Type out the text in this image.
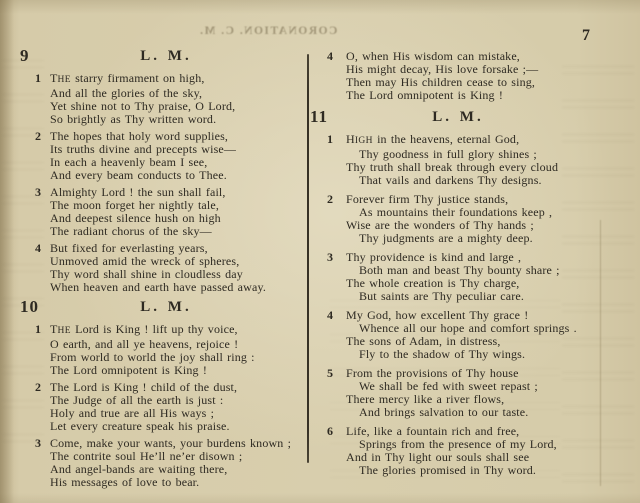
CORONATION. C. M.	7
9	L. M.
1 THE starry firmament on high,
And all the glories of the sky,
Yet shine not to Thy praise, O Lord,
So brightly as Thy written word.
2 The hopes that holy word supplies,
Its truths divine and precepts wise—
In each a heavenly beam I see,
And every beam conducts to Thee.
3 Almighty Lord ! the sun shall fail,
The moon forget her nightly tale,
And deepest silence hush on high
The radiant chorus of the sky—
4 But fixed for everlasting years,
Unmoved amid the wreck of spheres,
Thy word shall shine in cloudless day
When heaven and earth have passed away.
10	L. M.
1 THE Lord is King ! lift up thy voice,
O earth, and all ye heavens, rejoice !
From world to world the joy shall ring :
The Lord omnipotent is King !
2 The Lord is King ! child of the dust,
The Judge of all the earth is just :
Holy and true are all His ways ;
Let every creature speak his praise.
3 Come, make your wants, your burdens known ;
The contrite soul He’ll ne’er disown ;
And angel-bands are waiting there,
His messages of love to bear.
4 O, when His wisdom can mistake,
His might decay, His love forsake ;—
Then may His children cease to sing,
The Lord omnipotent is King !
11	L. M.
1 HIGH in the heavens, eternal God,
Thy goodness in full glory shines ;
Thy truth shall break through every cloud
That vails and darkens Thy designs.
2 Forever firm Thy justice stands,
As mountains their foundations keep ,
Wise are the wonders of Thy hands ;
Thy judgments are a mighty deep.
3 Thy providence is kind and large ,
Both man and beast Thy bounty share ;
The whole creation is Thy charge,
But saints are Thy peculiar care.
4 My God, how excellent Thy grace !
Whence all our hope and comfort springs .
The sons of Adam, in distress,
Fly to the shadow of Thy wings.
5 From the provisions of Thy house
We shall be fed with sweet repast ;
There mercy like a river flows,
And brings salvation to our taste.
6 Life, like a fountain rich and free,
Springs from the presence of my Lord,
And in Thy light our souls shall see
The glories promised in Thy word.
